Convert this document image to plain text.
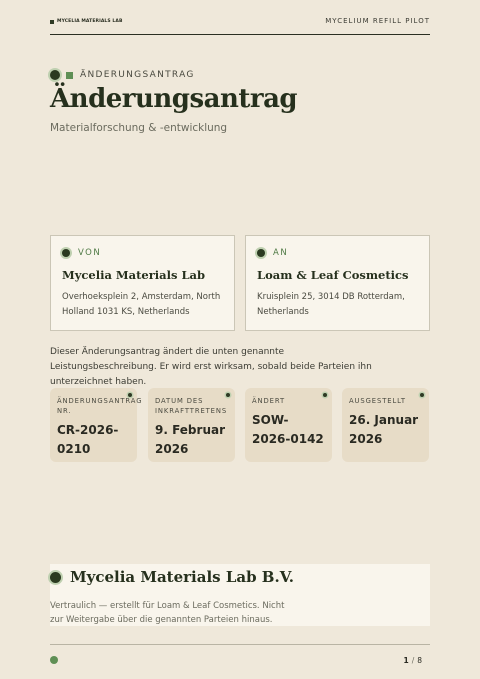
MYCELIA MATERIALS LAB	MYCELIUM REFILL PILOT
ÄNDERUNGSANTRAG
Änderungsantrag
Materialforschung & -entwicklung
VON
Mycelia Materials Lab
Overhoeksplein 2, Amsterdam, North Holland 1031 KS, Netherlands
AN
Loam & Leaf Cosmetics
Kruisplein 25, 3014 DB Rotterdam, Netherlands

Dieser Änderungsantrag ändert die unten genannte Leistungsbeschreibung. Er wird erst wirksam, sobald beide Parteien ihn unterzeichnet haben.

ÄNDERUNGSANTRAG NR.
CR-2026-0210
DATUM DES INKRAFTTRETENS
9. Februar 2026
ÄNDERT
SOW-2026-0142
AUSGESTELLT
26. Januar 2026
Mycelia Materials Lab B.V.

Vertraulich — erstellt für Loam & Leaf Cosmetics. Nicht zur Weitergabe über die genannten Parteien hinaus.

1 / 8
